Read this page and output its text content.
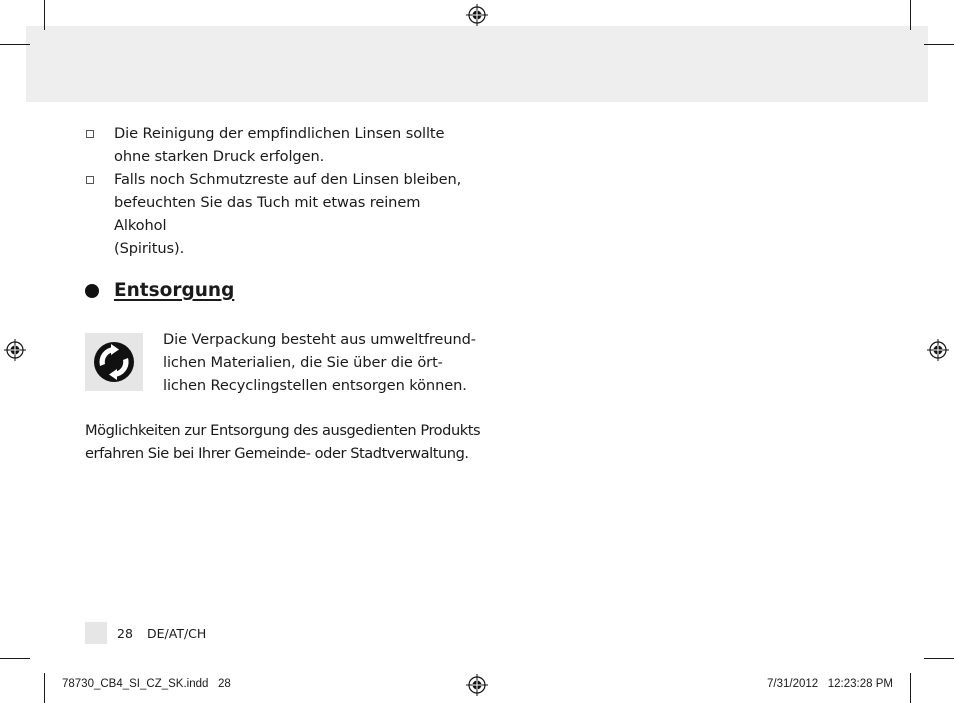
Die Reinigung der empfindlichen Linsen sollte
ohne starken Druck erfolgen.
Falls noch Schmutzreste auf den Linsen bleiben,
befeuchten Sie das Tuch mit etwas reinem Alkohol
(Spiritus).
Entsorgung
Die Verpackung besteht aus umweltfreund-
lichen Materialien, die Sie über die ört-
lichen Recyclingstellen entsorgen können.
Möglichkeiten zur Entsorgung des ausgedienten Produkts
erfahren Sie bei Ihrer Gemeinde- oder Stadtverwaltung.
28 DE/AT/CH
78730_CB4_SI_CZ_SK.indd   28	7/31/2012   12:23:28 PM
